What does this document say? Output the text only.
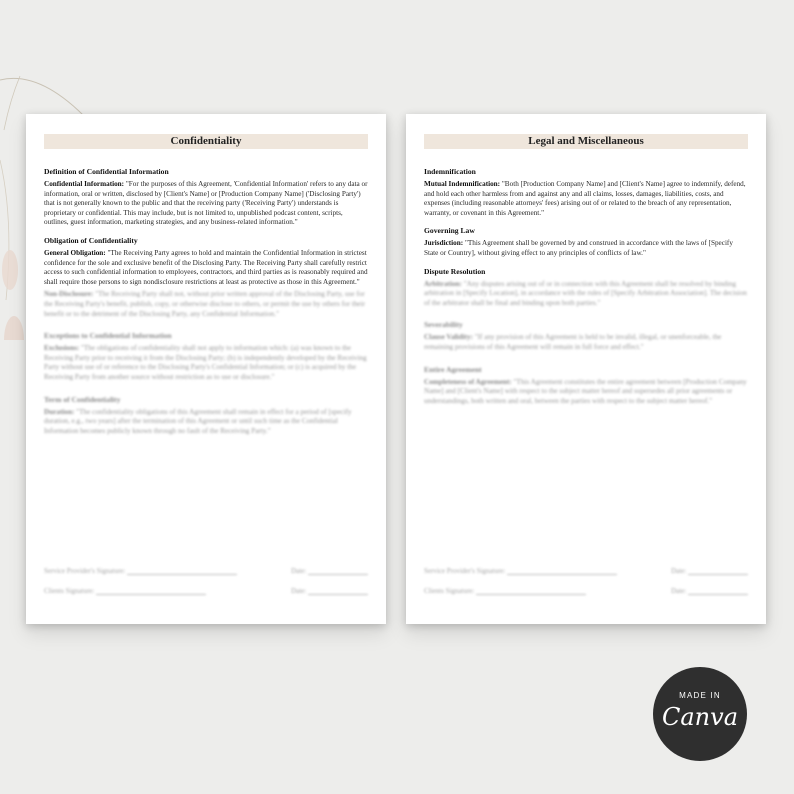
Confidentiality
Definition of Confidential Information

Confidential Information: "For the purposes of this Agreement, 'Confidential Information' refers to any data or information, oral or written, disclosed by [Client's Name] or [Production Company Name] ('Disclosing Party') that is not generally known to the public and that the receiving party ('Receiving Party') understands is proprietary or confidential. This may include, but is not limited to, unpublished podcast content, scripts, outlines, guest information, marketing strategies, and any business-related information."

Obligation of Confidentiality

General Obligation: "The Receiving Party agrees to hold and maintain the Confidential Information in strictest confidence for the sole and exclusive benefit of the Disclosing Party. The Receiving Party shall carefully restrict access to such confidential information to employees, contractors, and third parties as is reasonably required and shall require those persons to sign nondisclosure restrictions at least as protective as those in this Agreement."

Non-Disclosure: "The Receiving Party shall not, without prior written approval of the Disclosing Party, use for the Receiving Party's benefit, publish, copy, or otherwise disclose to others, or permit the use by others for their benefit or to the detriment of the Disclosing Party, any Confidential Information."

Exceptions to Confidential Information

Exclusions: "The obligations of confidentiality shall not apply to information which: (a) was known to the Receiving Party prior to receiving it from the Disclosing Party; (b) is independently developed by the Receiving Party without use of or reference to the Disclosing Party's Confidential Information; or (c) is acquired by the Receiving Party from another source without restriction as to use or disclosure."

Term of Confidentiality

Duration: "The confidentiality obligations of this Agreement shall remain in effect for a period of [specify duration, e.g., two years] after the termination of this Agreement or until such time as the Confidential Information becomes publicly known through no fault of the Receiving Party."

Service Provider's Signature:	Date:
Clients Signature:	Date:
Legal and Miscellaneous
Indemnification

Mutual Indemnification: "Both [Production Company Name] and [Client's Name] agree to indemnify, defend, and hold each other harmless from and against any and all claims, losses, damages, liabilities, costs, and expenses (including reasonable attorneys' fees) arising out of or related to the breach of any representation, warranty, or covenant in this Agreement."

Governing Law

Jurisdiction: "This Agreement shall be governed by and construed in accordance with the laws of [Specify State or Country], without giving effect to any principles of conflicts of law."

Dispute Resolution

Arbitration: "Any disputes arising out of or in connection with this Agreement shall be resolved by binding arbitration in [Specify Location], in accordance with the rules of [Specify Arbitration Association]. The decision of the arbitrator shall be final and binding upon both parties."

Severability

Clause Validity: "If any provision of this Agreement is held to be invalid, illegal, or unenforceable, the remaining provisions of this Agreement will remain in full force and effect."

Entire Agreement

Completeness of Agreement: "This Agreement constitutes the entire agreement between [Production Company Name] and [Client's Name] with respect to the subject matter hereof and supersedes all prior agreements or understandings, both written and oral, between the parties with respect to the subject matter hereof."

Service Provider's Signature:	Date:
Clients Signature:	Date:
MADE IN
Canva
